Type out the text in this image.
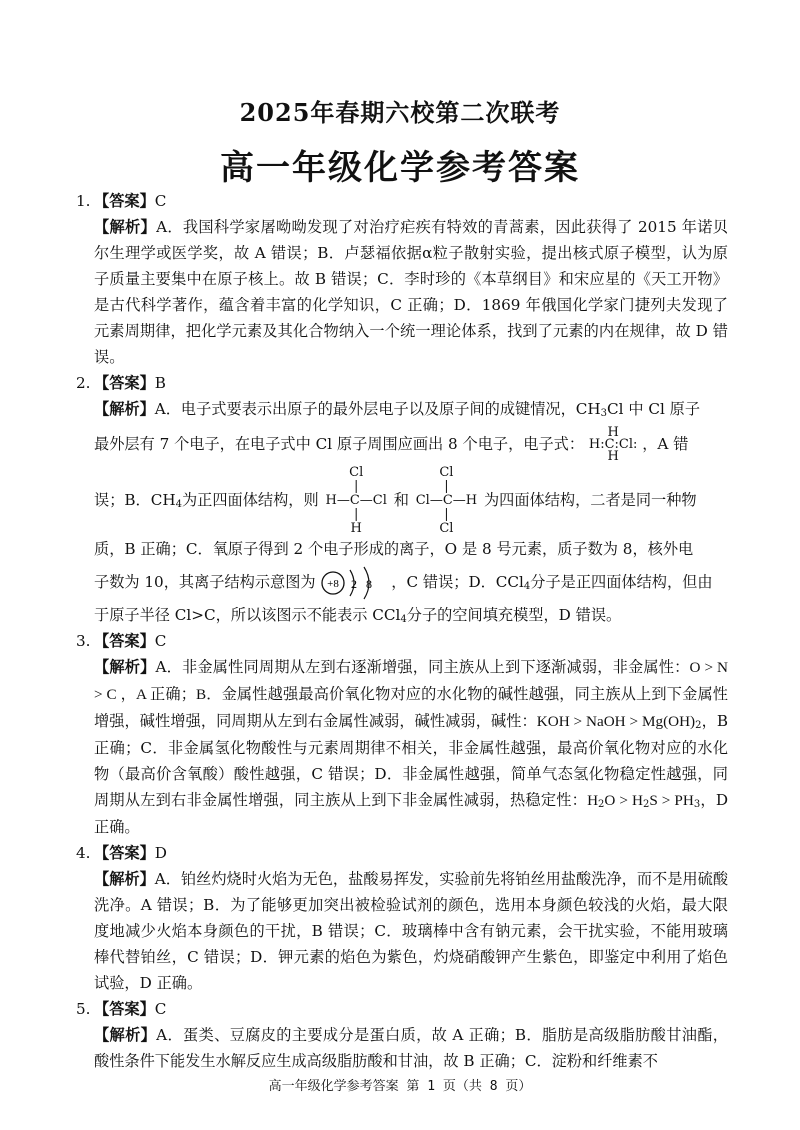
2025年春期六校第二次联考
高一年级化学参考答案
1. 【答案】C
【解析】A．我国科学家屠呦呦发现了对治疗疟疾有特效的青蒿素，因此获得了 2015 年诺贝尔生理学或医学奖，故 A 错误；B．卢瑟福依据α粒子散射实验，提出核式原子模型，认为原子质量主要集中在原子核上。故 B 错误；C．李时珍的《本草纲目》和宋应星的《天工开物》是古代科学著作，蕴含着丰富的化学知识，C 正确；D．1869 年俄国化学家门捷列夫发现了元素周期律，把化学元素及其化合物纳入一个统一理论体系，找到了元素的内在规律，故 D 错误。
2. 【答案】B
【解析】A．电子式要表示出原子的最外层电子以及原子间的成键情况，$CH_3Cl$ 中 Cl 原子
最外层有 7 个电子，在电子式中 Cl 原子周围应画出 8 个电子，电子式：
H
H:C:Cl:
H
，A 错
误；B．$CH_4$为正四面体结构，则
Cl
|
H—C—Cl
|
H
和
Cl
|
Cl—C—H
|
Cl
为四面体结构，二者是同一种物
质，B 正确；C．氧原子得到 2 个电子形成的离子，O 是 8 号元素，质子数为 8，核外电
子数为 10，其离子结构示意图为 +8 2 8 ，C 错误；D．CCl$_4$分子是正四面体结构，但由
于原子半径 Cl>C，所以该图示不能表示 CCl$_4$分子的空间填充模型，D 错误。
3. 【答案】C
【解析】A．非金属性同周期从左到右逐渐增强，同主族从上到下逐渐减弱，非金属性：O > N > C ，A 正确；B．金属性越强最高价氧化物对应的水化物的碱性越强，同主族从上到下金属性增强，碱性增强，同周期从左到右金属性减弱，碱性减弱，碱性：KOH > NaOH > $Mg(OH)_2$，B 正确；C．非金属氢化物酸性与元素周期律不相关，非金属性越强，最高价氧化物对应的水化物（最高价含氧酸）酸性越强，C 错误；D．非金属性越强，简单气态氢化物稳定性越强，同周期从左到右非金属性增强，同主族从上到下非金属性减弱，热稳定性：$H_2O > H_2S > PH_3$，D 正确。
4. 【答案】D
【解析】A．铂丝灼烧时火焰为无色，盐酸易挥发，实验前先将铂丝用盐酸洗净，而不是用硫酸洗净。A 错误；B．为了能够更加突出被检验试剂的颜色，选用本身颜色较浅的火焰，最大限度地减少火焰本身颜色的干扰，B 错误；C．玻璃棒中含有钠元素，会干扰实验，不能用玻璃棒代替铂丝，C 错误；D．钾元素的焰色为紫色，灼烧硝酸钾产生紫色，即鉴定中利用了焰色试验，D 正确。
5. 【答案】C
【解析】A．蛋类、豆腐皮的主要成分是蛋白质，故 A 正确；B．脂肪是高级脂肪酸甘油酯，酸性条件下能发生水解反应生成高级脂肪酸和甘油，故 B 正确；C．淀粉和纤维素不
高一年级化学参考答案 第 1 页（共 8 页）
